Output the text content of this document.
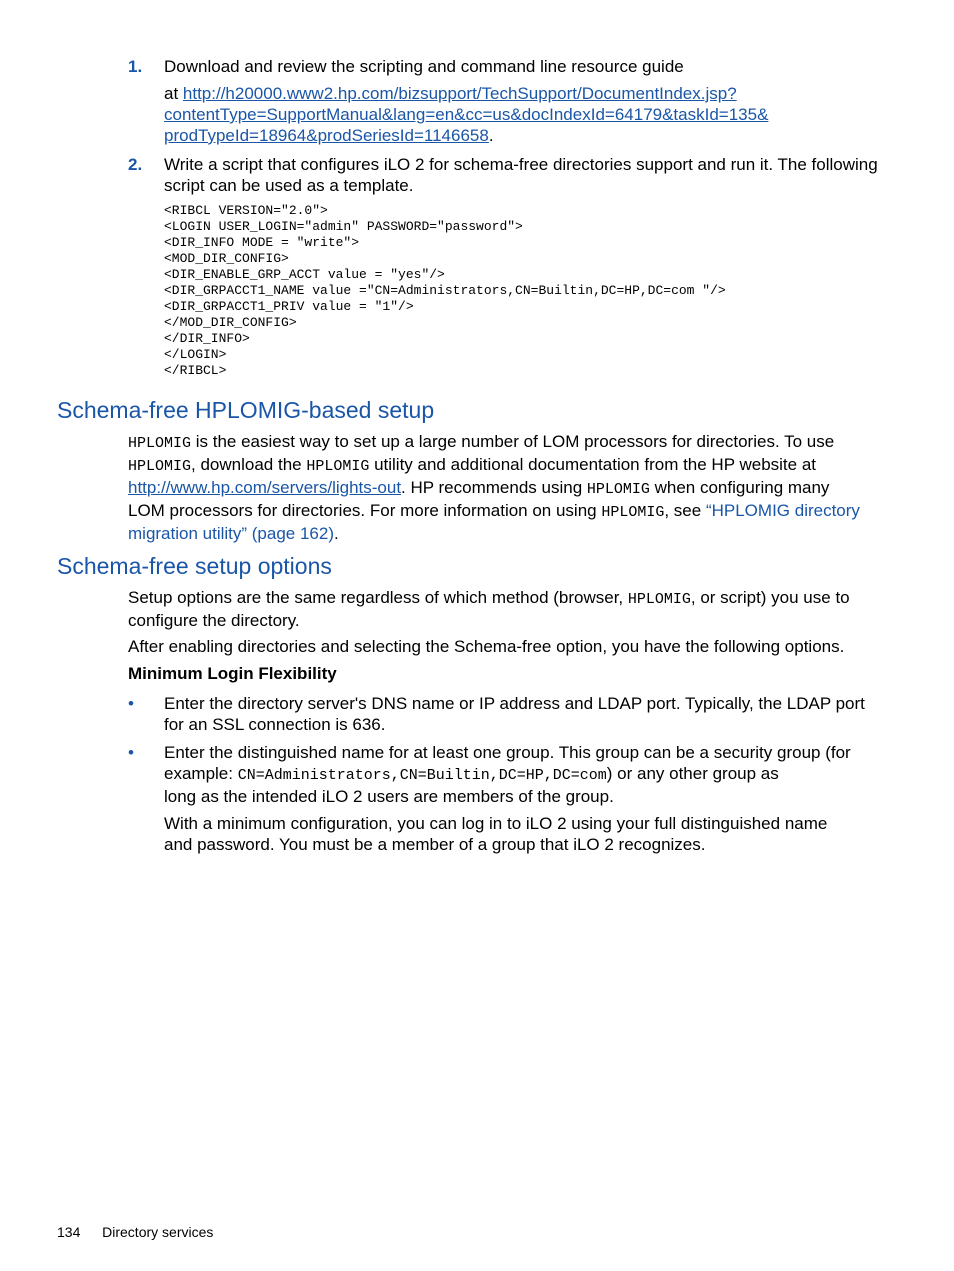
1. Download and review the scripting and command line resource guide
at http://h20000.www2.hp.com/bizsupport/TechSupport/DocumentIndex.jsp?
contentType=SupportManual&lang=en&cc=us&docIndexId=64179&taskId=135&
prodTypeId=18964&prodSeriesId=1146658.
2. Write a script that configures iLO 2 for schema-free directories support and run it. The following
script can be used as a template.
<RIBCL VERSION="2.0">
<LOGIN USER_LOGIN="admin" PASSWORD="password">
<DIR_INFO MODE = "write">
<MOD_DIR_CONFIG>
<DIR_ENABLE_GRP_ACCT value = "yes"/>
<DIR_GRPACCT1_NAME value ="CN=Administrators,CN=Builtin,DC=HP,DC=com "/>
<DIR_GRPACCT1_PRIV value = "1"/>
</MOD_DIR_CONFIG>
</DIR_INFO>
</LOGIN>
</RIBCL>
Schema-free HPLOMIG-based setup
HPLOMIG is the easiest way to set up a large number of LOM processors for directories. To use
HPLOMIG, download the HPLOMIG utility and additional documentation from the HP website at
http://www.hp.com/servers/lights-out. HP recommends using HPLOMIG when configuring many
LOM processors for directories. For more information on using HPLOMIG, see “HPLOMIG directory
migration utility” (page 162).
Schema-free setup options
Setup options are the same regardless of which method (browser, HPLOMIG, or script) you use to
configure the directory.
After enabling directories and selecting the Schema-free option, you have the following options.
Minimum Login Flexibility
• Enter the directory server's DNS name or IP address and LDAP port. Typically, the LDAP port
for an SSL connection is 636.
• Enter the distinguished name for at least one group. This group can be a security group (for
example: CN=Administrators,CN=Builtin,DC=HP,DC=com) or any other group as
long as the intended iLO 2 users are members of the group.
With a minimum configuration, you can log in to iLO 2 using your full distinguished name
and password. You must be a member of a group that iLO 2 recognizes.
134 Directory services
